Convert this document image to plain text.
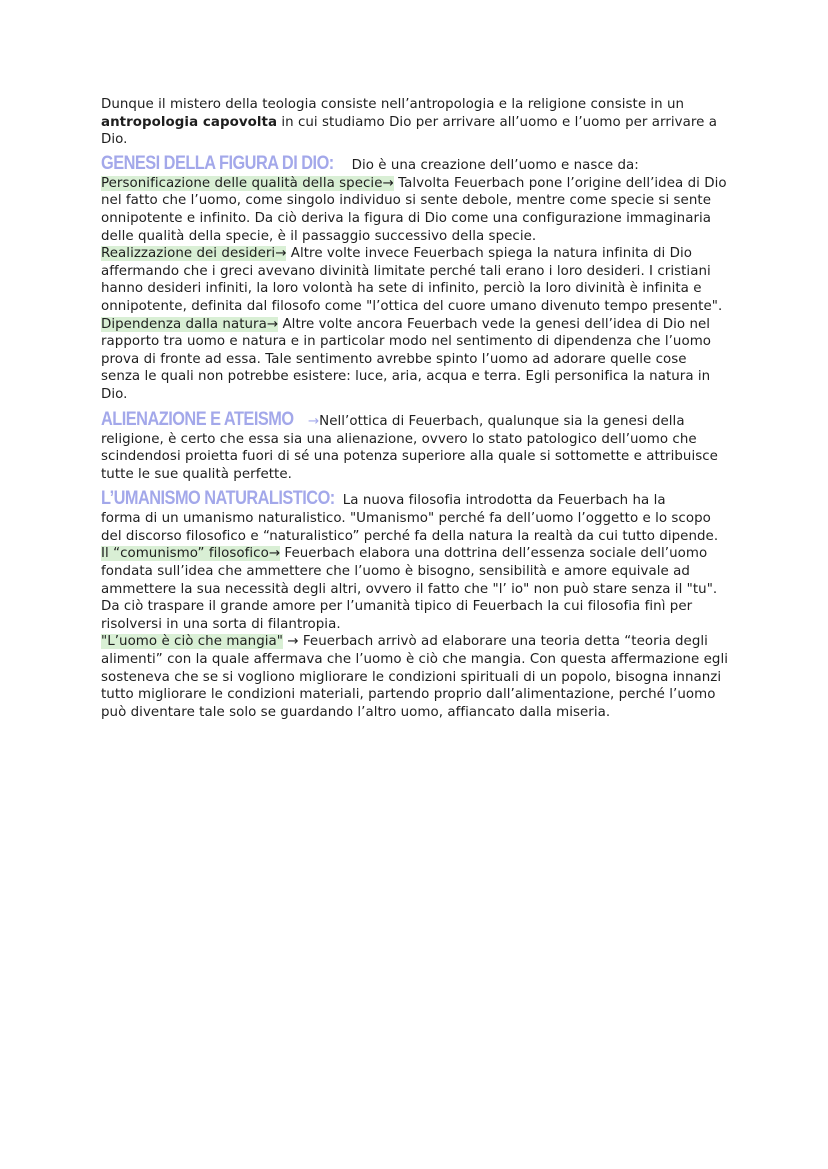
Dunque il mistero della teologia consiste nell’antropologia e la religione consiste in un antropologia capovolta in cui studiamo Dio per arrivare all’uomo e l’uomo per arrivare a Dio.

GENESI DELLA FIGURA DI DIO: Dio è una creazione dell’uomo e nasce da:

Personificazione delle qualità della specie→ Talvolta Feuerbach pone l’origine dell’idea di Dio nel fatto che l’uomo, come singolo individuo si sente debole, mentre come specie si sente onnipotente e infinito. Da ciò deriva la figura di Dio come una configurazione immaginaria delle qualità della specie, è il passaggio successivo della specie.

Realizzazione dei desideri→ Altre volte invece Feuerbach spiega la natura infinita di Dio affermando che i greci avevano divinità limitate perché tali erano i loro desideri. I cristiani hanno desideri infiniti, la loro volontà ha sete di infinito, perciò la loro divinità è infinita e onnipotente, definita dal filosofo come "l’ottica del cuore umano divenuto tempo presente".

Dipendenza dalla natura→ Altre volte ancora Feuerbach vede la genesi dell’idea di Dio nel rapporto tra uomo e natura e in particolar modo nel sentimento di dipendenza che l’uomo prova di fronte ad essa. Tale sentimento avrebbe spinto l’uomo ad adorare quelle cose senza le quali non potrebbe esistere: luce, aria, acqua e terra. Egli personifica la natura in Dio.

ALIENAZIONE E ATEISMO → Nell’ottica di Feuerbach, qualunque sia la genesi della

religione, è certo che essa sia una alienazione, ovvero lo stato patologico dell’uomo che scindendosi proietta fuori di sé una potenza superiore alla quale si sottomette e attribuisce tutte le sue qualità perfette.

L’UMANISMO NATURALISTICO: La nuova filosofia introdotta da Feuerbach ha la

forma di un umanismo naturalistico. "Umanismo" perché fa dell’uomo l’oggetto e lo scopo del discorso filosofico e “naturalistico” perché fa della natura la realtà da cui tutto dipende.

Il “comunismo” filosofico→ Feuerbach elabora una dottrina dell’essenza sociale dell’uomo fondata sull’idea che ammettere che l’uomo è bisogno, sensibilità e amore equivale ad ammettere la sua necessità degli altri, ovvero il fatto che "l’ io" non può stare senza il "tu".

Da ciò traspare il grande amore per l’umanità tipico di Feuerbach la cui filosofia finì per risolversi in una sorta di filantropia.

"L’uomo è ciò che mangia" → Feuerbach arrivò ad elaborare una teoria detta “teoria degli alimenti” con la quale affermava che l’uomo è ciò che mangia. Con questa affermazione egli sosteneva che se si vogliono migliorare le condizioni spirituali di un popolo, bisogna innanzi tutto migliorare le condizioni materiali, partendo proprio dall’alimentazione, perché l’uomo può diventare tale solo se guardando l’altro uomo, affiancato dalla miseria.
